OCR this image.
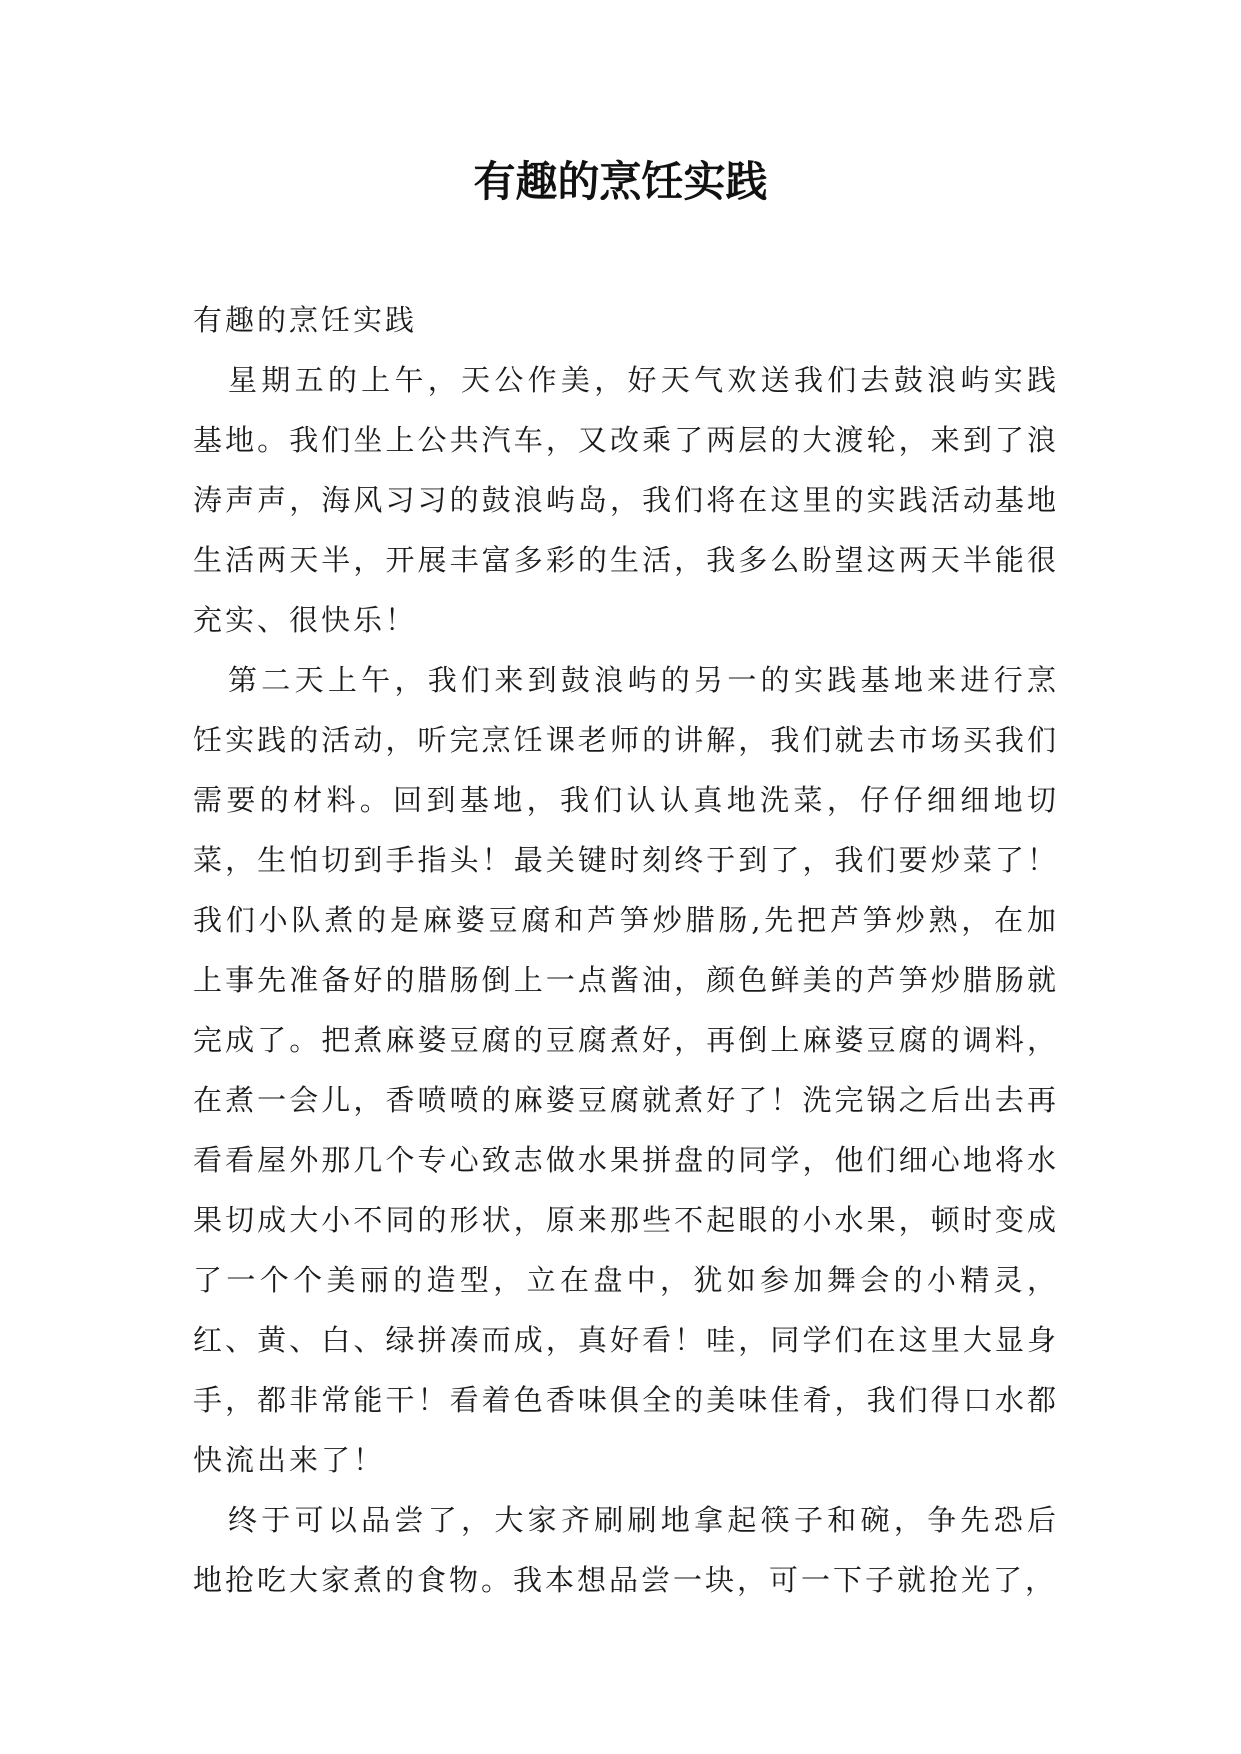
有趣的烹饪实践

有趣的烹饪实践

星期五的上午，天公作美，好天气欢送我们去鼓浪屿实践基地。我们坐上公共汽车，又改乘了两层的大渡轮，来到了浪涛声声，海风习习的鼓浪屿岛，我们将在这里的实践活动基地生活两天半，开展丰富多彩的生活，我多么盼望这两天半能很充实、很快乐！

第二天上午，我们来到鼓浪屿的另一的实践基地来进行烹饪实践的活动，听完烹饪课老师的讲解，我们就去市场买我们需要的材料。回到基地，我们认认真地洗菜，仔仔细细地切菜，生怕切到手指头！最关键时刻终于到了，我们要炒菜了！我们小队煮的是麻婆豆腐和芦笋炒腊肠,先把芦笋炒熟，在加上事先准备好的腊肠倒上一点酱油，颜色鲜美的芦笋炒腊肠就完成了。把煮麻婆豆腐的豆腐煮好，再倒上麻婆豆腐的调料，在煮一会儿，香喷喷的麻婆豆腐就煮好了！洗完锅之后出去再看看屋外那几个专心致志做水果拼盘的同学，他们细心地将水果切成大小不同的形状，原来那些不起眼的小水果，顿时变成了一个个美丽的造型，立在盘中，犹如参加舞会的小精灵，红、黄、白、绿拼凑而成，真好看！哇，同学们在这里大显身手，都非常能干！看着色香味俱全的美味佳肴，我们得口水都快流出来了！

终于可以品尝了，大家齐刷刷地拿起筷子和碗，争先恐后地抢吃大家煮的食物。我本想品尝一块，可一下子就抢光了，
